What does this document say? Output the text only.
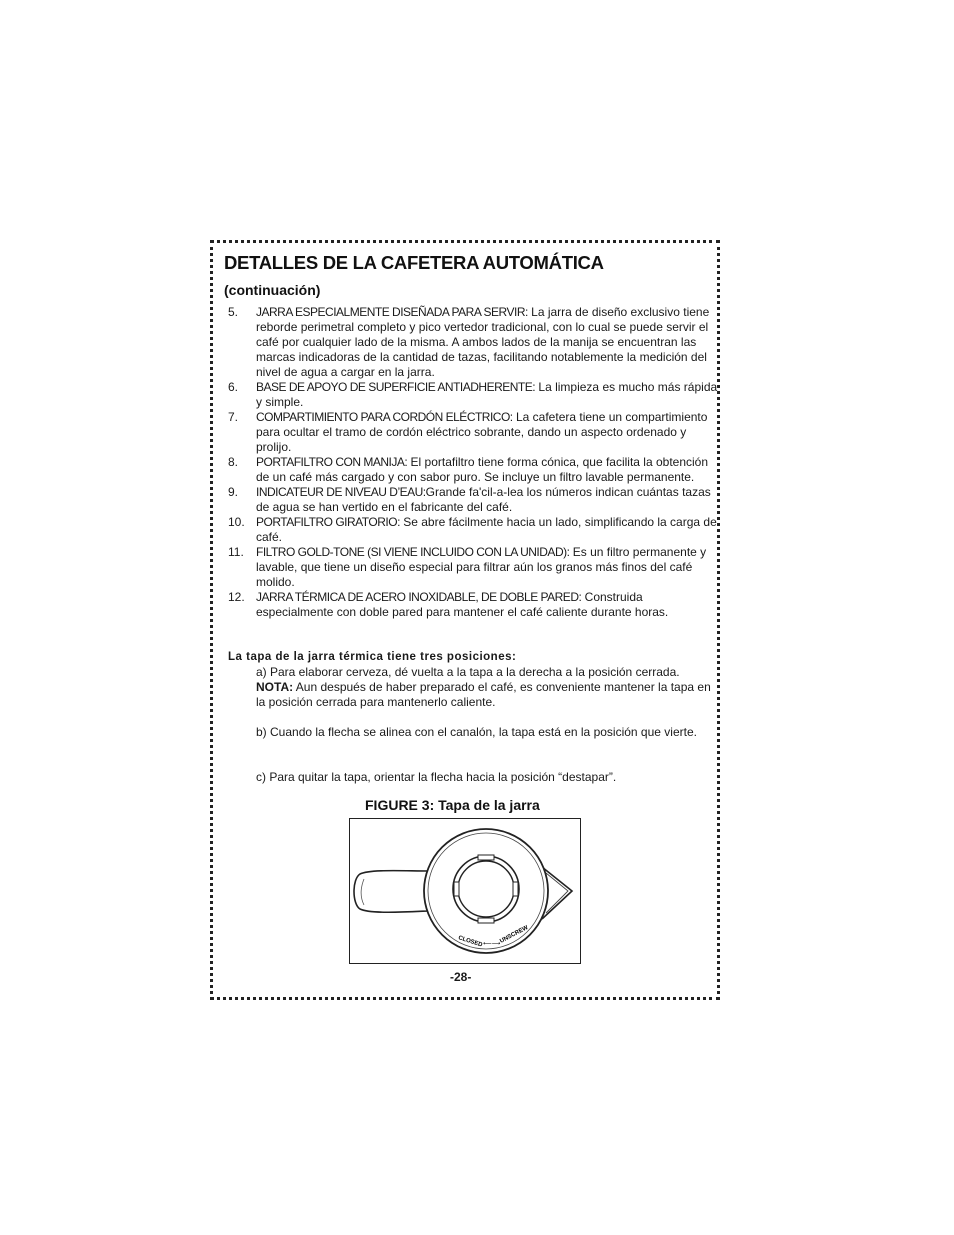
DETALLES DE LA CAFETERA AUTOMÁTICA
(continuación)
5. JARRA ESPECIALMENTE DISEÑADA PARA SERVIR: La jarra de diseño exclusivo tiene reborde perimetral completo y pico vertedor tradicional, con lo cual se puede servir el café por cualquier lado de la misma. A ambos lados de la manija se encuentran las marcas indicadoras de la cantidad de tazas, facilitando notablemente la medición del nivel de agua a cargar en la jarra.
6. BASE DE APOYO DE SUPERFICIE ANTIADHERENTE: La limpieza es mucho más rápida y simple.
7. COMPARTIMIENTO PARA CORDÓN ELÉCTRICO: La cafetera tiene un compartimiento para ocultar el tramo de cordón eléctrico sobrante, dando un aspecto ordenado y prolijo.
8. PORTAFILTRO CON MANIJA: El portafiltro tiene forma cónica, que facilita la obtención de un café más cargado y con sabor puro. Se incluye un filtro lavable permanente.
9. INDICATEUR DE NIVEAU D’EAU:Grande fa'cil-a-lea los números indican cuántas tazas de agua se han vertido en el fabricante del café.
10. PORTAFILTRO GIRATORIO: Se abre fácilmente hacia un lado, simplificando la carga de café.
11. FILTRO GOLD-TONE (SI VIENE INCLUIDO CON LA UNIDAD): Es un filtro permanente y lavable, que tiene un diseño especial para filtrar aún los granos más finos del café molido.
12. JARRA TÉRMICA DE ACERO INOXIDABLE, DE DOBLE PARED: Construida especialmente con doble pared para mantener el café caliente durante horas.

La tapa de la jarra térmica tiene tres posiciones:

a) Para elaborar cerveza, dé vuelta a la tapa a la derecha a la posición cerrada. NOTA: Aun después de haber preparado el café, es conveniente mantener la tapa en la posición cerrada para mantenerlo caliente.

b) Cuando la flecha se alinea con el canalón, la tapa está en la posición que vierte.

c) Para quitar la tapa, orientar la flecha hacia la posición “destapar”.

FIGURE 3: Tapa de la jarra

CLOSED ⟵⟶
UNSCREW

-28-
